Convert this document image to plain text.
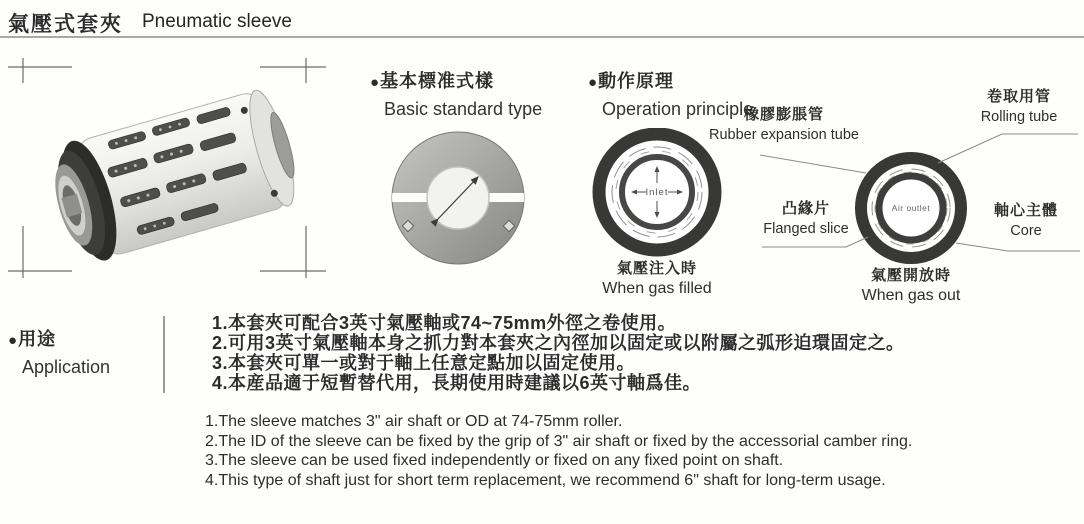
氣壓式套夾 Pneumatic sleeve
●基本標准式樣
Basic standard type
●動作原理
Operation principle
Inlet
Air outlet
橡膠膨脹管
Rubber expansion tube
卷取用管
Rolling tube
凸緣片
Flanged slice
軸心主體
Core
氣壓注入時
When gas filled
氣壓開放時
When gas out
●用途
Application
1.本套夾可配合3英寸氣壓軸或74~75mm外徑之卷使用。
2.可用3英寸氣壓軸本身之抓力對本套夾之內徑加以固定或以附屬之弧形迫環固定之。
3.本套夾可單一或對于軸上任意定點加以固定使用。
4.本産品適于短暫替代用，長期使用時建議以6英寸軸爲佳。
1.The sleeve matches 3" air shaft or OD at 74-75mm roller.
2.The ID of the sleeve can be fixed by the grip of 3" air shaft or fixed by the accessorial camber ring.
3.The sleeve can be used fixed independently or fixed on any fixed point on shaft.
4.This type of shaft just for short term replacement, we recommend 6" shaft for long-term usage.
